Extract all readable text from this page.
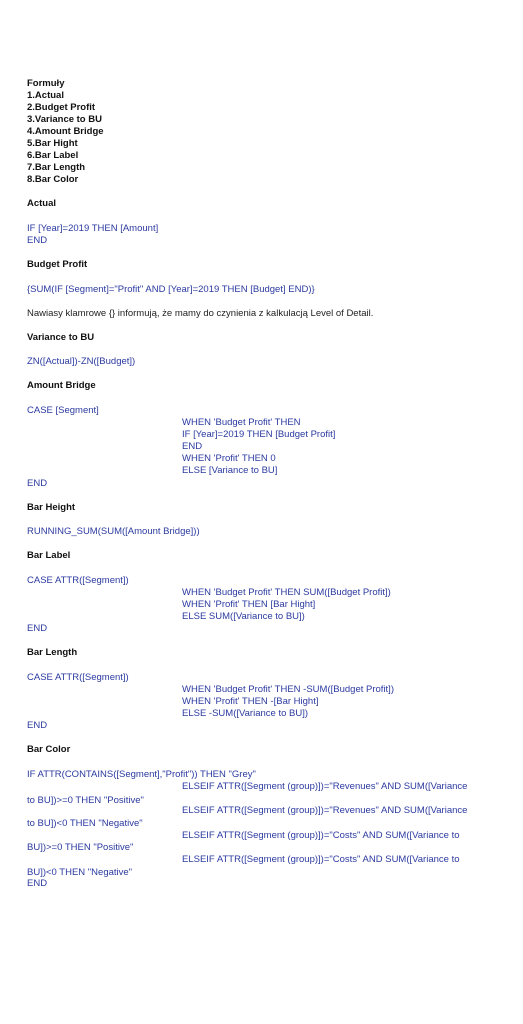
Formuły
1.Actual
2.Budget Profit
3.Variance to BU
4.Amount Bridge
5.Bar Hight
6.Bar Label
7.Bar Length
8.Bar Color
Actual
IF [Year]=2019 THEN [Amount]
END
Budget Profit
{SUM(IF [Segment]="Profit" AND [Year]=2019 THEN [Budget] END)}
Nawiasy klamrowe {} informują, że mamy do czynienia z kalkulacją Level of Detail.
Variance to BU
ZN([Actual])-ZN([Budget])
Amount Bridge
CASE [Segment]
WHEN 'Budget Profit' THEN
IF [Year]=2019 THEN [Budget Profit]
END
WHEN 'Profit' THEN 0
ELSE [Variance to BU]
END
Bar Height
RUNNING_SUM(SUM([Amount Bridge]))
Bar Label
CASE ATTR([Segment])
WHEN 'Budget Profit' THEN SUM([Budget Profit])
WHEN 'Profit' THEN [Bar Hight]
ELSE SUM([Variance to BU])
END
Bar Length
CASE ATTR([Segment])
WHEN 'Budget Profit' THEN -SUM([Budget Profit])
WHEN 'Profit' THEN -[Bar Hight]
ELSE -SUM([Variance to BU])
END
Bar Color
IF ATTR(CONTAINS([Segment],"Profit")) THEN "Grey"
ELSEIF ATTR([Segment (group)])="Revenues" AND SUM([Variance
to BU])>=0 THEN "Positive"
ELSEIF ATTR([Segment (group)])="Revenues" AND SUM([Variance
to BU])<0 THEN "Negative"
ELSEIF ATTR([Segment (group)])="Costs" AND SUM([Variance to
BU])>=0 THEN "Positive"
ELSEIF ATTR([Segment (group)])="Costs" AND SUM([Variance to
BU])<0 THEN "Negative"
END
